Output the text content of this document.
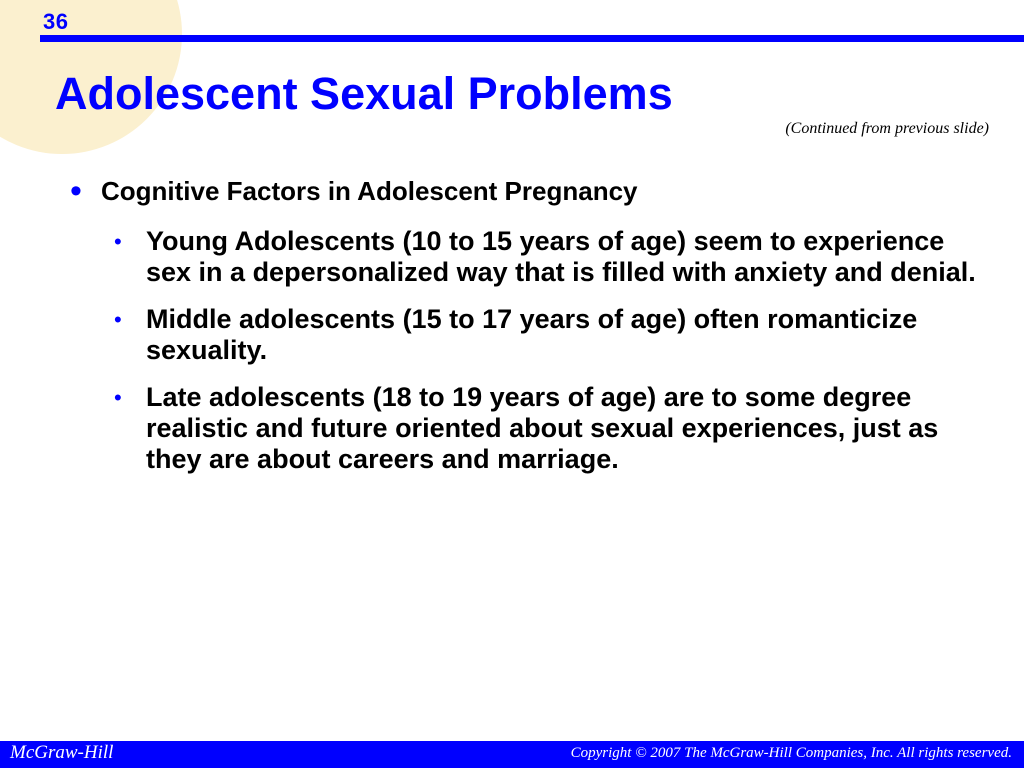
36
Adolescent Sexual Problems
(Continued from previous slide)
• Cognitive Factors in Adolescent Pregnancy
• Young Adolescents (10 to 15 years of age) seem to experience sex in a depersonalized way that is filled with anxiety and denial.
• Middle adolescents (15 to 17 years of age) often romanticize sexuality.
• Late adolescents (18 to 19 years of age) are to some degree realistic and future oriented about sexual experiences, just as they are about careers and marriage.
McGraw-Hill	Copyright © 2007 The McGraw-Hill Companies, Inc. All rights reserved.
